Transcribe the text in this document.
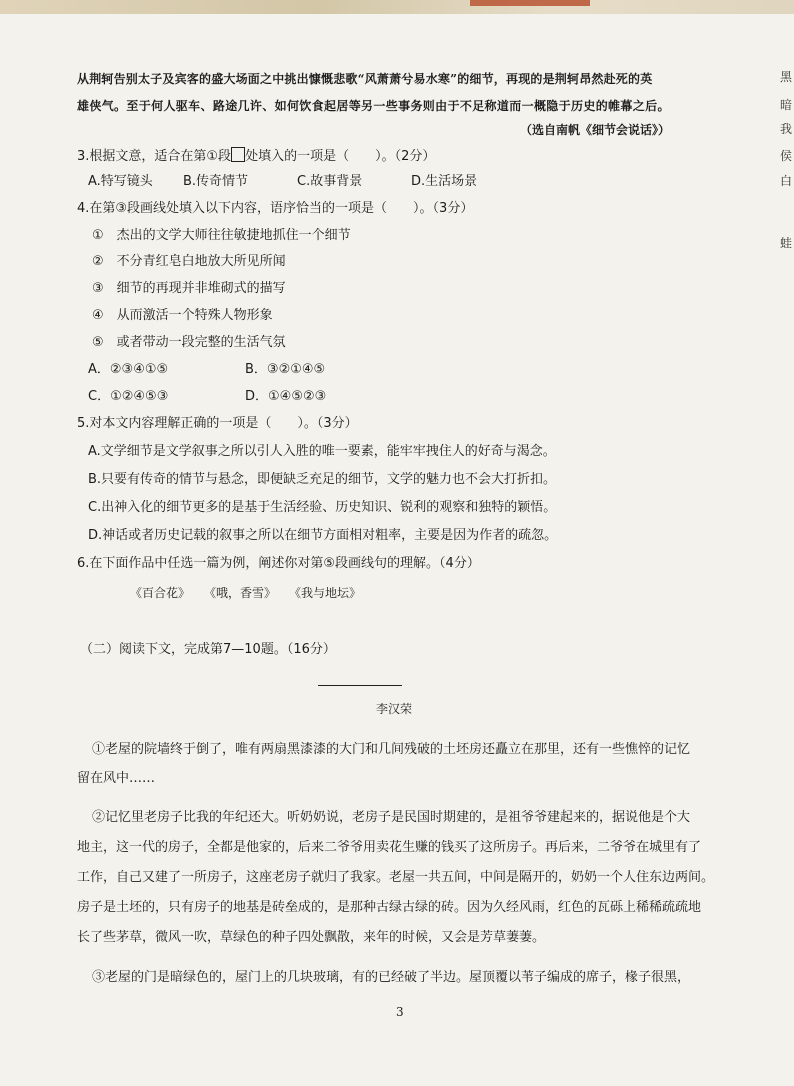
从荆轲告别太子及宾客的盛大场面之中挑出慷慨悲歌“风萧萧兮易水寒”的细节，再现的是荆轲昂然赴死的英
雄侠气。至于何人驱车、路途几许、如何饮食起居等另一些事务则由于不足称道而一概隐于历史的帷幕之后。
（选自南帆《细节会说话》）
3.根据文意，适合在第①段 处填入的一项是（　　）。（2分）
A.特写镜头 B.传奇情节	C.故事背景	D.生活场景
4.在第③段画线处填入以下内容，语序恰当的一项是（　　）。（3分）
①　杰出的文学大师往往敏捷地抓住一个细节
②　不分青红皂白地放大所见所闻
③　细节的再现并非堆砌式的描写
④　从而激活一个特殊人物形象
⑤　或者带动一段完整的生活气氛
A．②③④①⑤	B．③②①④⑤
C．①②④⑤③	D．①④⑤②③
5.对本文内容理解正确的一项是（　　）。（3分）
A.文学细节是文学叙事之所以引人入胜的唯一要素，能牢牢拽住人的好奇与渴念。
B.只要有传奇的情节与悬念，即便缺乏充足的细节，文学的魅力也不会大打折扣。
C.出神入化的细节更多的是基于生活经验、历史知识、锐利的观察和独特的颖悟。
D.神话或者历史记载的叙事之所以在细节方面相对粗率，主要是因为作者的疏忽。
6.在下面作品中任选一篇为例，阐述你对第⑤段画线句的理解。（4分）
《百合花》 《哦，香雪》 《我与地坛》
（二）阅读下文，完成第7—10题。（16分）
李汉荣
①老屋的院墙终于倒了，唯有两扇黑漆漆的大门和几间残破的土坯房还矗立在那里，还有一些憔悴的记忆
留在风中……
②记忆里老房子比我的年纪还大。听奶奶说，老房子是民国时期建的，是祖爷爷建起来的，据说他是个大
地主，这一代的房子，全都是他家的，后来二爷爷用卖花生赚的钱买了这所房子。再后来，二爷爷在城里有了
工作，自己又建了一所房子，这座老房子就归了我家。老屋一共五间，中间是隔开的，奶奶一个人住东边两间。
房子是土坯的，只有房子的地基是砖垒成的，是那种古绿古绿的砖。因为久经风雨，红色的瓦砾上稀稀疏疏地
长了些茅草，微风一吹，草绿色的种子四处飘散，来年的时候，又会是芳草萋萋。
③老屋的门是暗绿色的，屋门上的几块玻璃，有的已经破了半边。屋顶覆以苇子编成的席子，椽子很黑，
3
黑
暗
我
侯
白
蛙
